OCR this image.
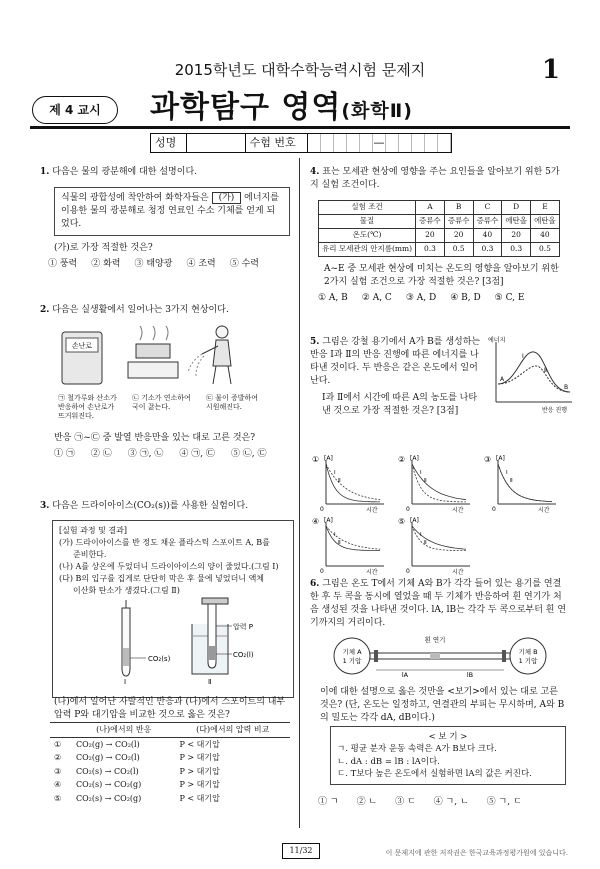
2015학년도 대학수학능력시험 문제지	1
제 4 교시	과학탐구 영역(화학Ⅱ)
성명	수험 번호	—
1. 다음은 물의 광분해에 대한 설명이다.
식물의 광합성에 착안하여 화학자들은 (가) 에너지를 이용한 물의 광분해로 청정 연료인 수소 기체를 얻게 되었다.
(가)로 가장 적절한 것은?
① 풍력 ② 화력 ③ 태양광 ④ 조력 ⑤ 수력
2. 다음은 실생활에서 일어나는 3가지 현상이다.
손난로
㉠ 철가루와 산소가
반응하여 손난로가
뜨거워진다.
㉡ 기소가 연소하여
국이 끓는다.
㉢ 물이 증발하여
시원해진다.
반응 ㉠~㉢ 중 발열 반응만을 있는 대로 고른 것은?
① ㉠ ② ㉡ ③ ㉠, ㉡ ④ ㉠, ㉢ ⑤ ㉡, ㉢
3. 다음은 드라이아이스(CO₂(s))를 사용한 실험이다.
[실험 과정 및 결과]
(가) 드라이아이스를 반 정도 채운 플라스틱 스포이트 A, B를
준비한다.
(나) A를 상온에 두었더니 드라이아이스의 양이 줄었다.(그림 Ⅰ)
(다) B의 입구를 집게로 단단히 막은 후 물에 넣었더니 액체
이산화 탄소가 생겼다.(그림 Ⅱ)
CO₂(s)
Ⅰ
압력 P
CO₂(l)
Ⅱ
(나)에서 일어난 자발적인 반응과 (다)에서 스포이트의 내부 압력 P와 대기압을 비교한 것으로 옳은 것은?
	(나)에서의 반응	(다)에서의 압력 비교
①	CO₂(g) → CO₂(l)	P < 대기압
②	CO₂(g) → CO₂(l)	P > 대기압
③	CO₂(s) → CO₂(l)	P > 대기압
④	CO₂(s) → CO₂(g)	P > 대기압
⑤	CO₂(s) → CO₂(g)	P < 대기압
4. 표는 모세관 현상에 영향을 주는 요인들을 알아보기 위한 5가지 실험 조건이다.
실험 조건	A	B	C	D	E
물질	증류수	증류수	증류수	에탄올	에탄올
온도(℃)	20	20	40	20	40
유리 모세관의 안지름(mm)	0.3	0.5	0.3	0.3	0.5
A~E 중 모세관 현상에 미치는 온도의 영향을 알아보기 위한 2가지 실험 조건으로 가장 적절한 것은? [3점]
① A, B ② A, C ③ A, D ④ B, D ⑤ C, E
5. 그림은 강철 용기에서 A가 B를 생성하는 반응 Ⅰ과 Ⅱ의 반응 진행에 따른 에너지를 나타낸 것이다. 두 반응은 같은 온도에서 일어난다.
Ⅰ과 Ⅱ에서 시간에 따른 A의 농도를 나타낸 것으로 가장 적절한 것은? [3점]
에너지
반응 진행
A
B
Ⅰ
Ⅱ
① [A]
0	시간
Ⅰ
Ⅱ
② [A]
0	시간
Ⅰ
Ⅱ
③ [A]
0	시간
Ⅰ
Ⅱ
④ [A]
0	시간
Ⅰ
Ⅱ
⑤ [A]
0	시간
Ⅰ
Ⅱ
6. 그림은 온도 T에서 기체 A와 B가 각각 들어 있는 용기를 연결한 후 두 콕을 동시에 열었을 때 두 기체가 반응하여 흰 연기가 처음 생성된 것을 나타낸 것이다. lA, lB는 각각 두 콕으로부터 흰 연기까지의 거리이다.
기체 A
1 기압
기체 B
1 기압
흰 연기
lA	lB
이에 대한 설명으로 옳은 것만을 <보기>에서 있는 대로 고른 것은? (단, 온도는 일정하고, 연결관의 부피는 무시하며, A와 B의 밀도는 각각 dA, dB이다.)
< 보 기 >
ㄱ. 평균 분자 운동 속력은 A가 B보다 크다.
ㄴ. dA : dB = lB : lA이다.
ㄷ. T보다 높은 온도에서 실험하면 lA의 값은 커진다.
① ㄱ ② ㄴ ③ ㄷ ④ ㄱ, ㄴ ⑤ ㄱ, ㄷ
11/32	이 문제지에 관한 저작권은 한국교육과정평가원에 있습니다.
